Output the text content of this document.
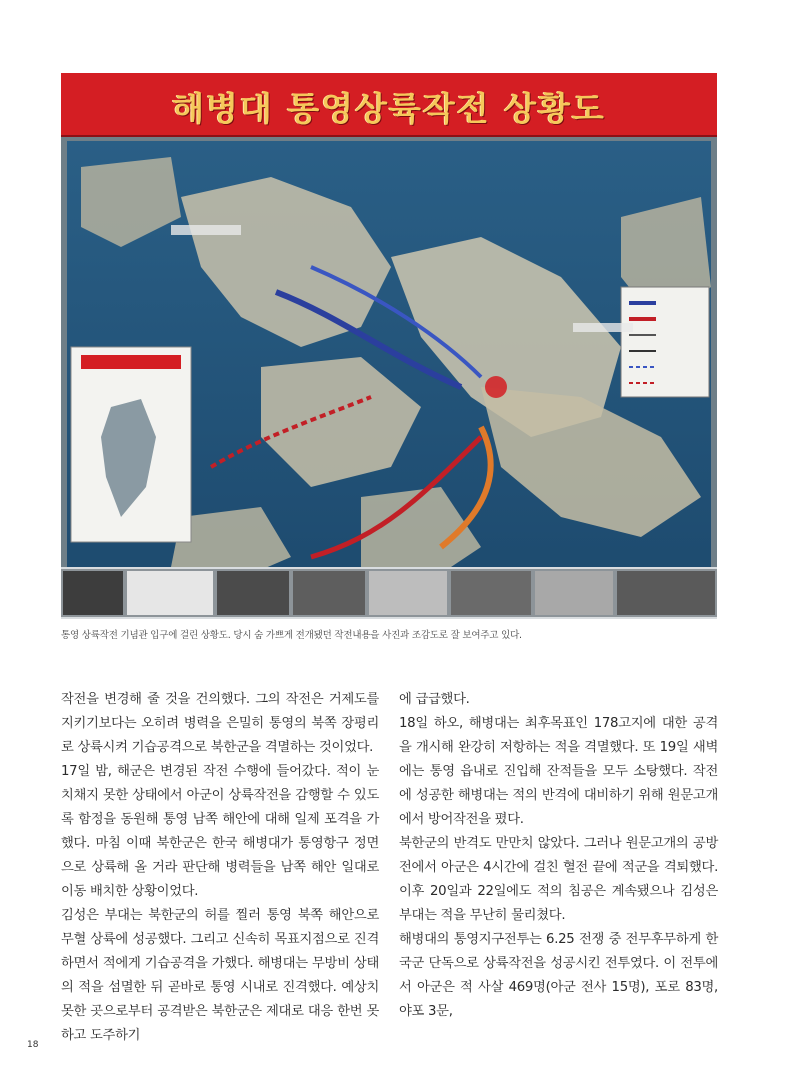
해병대 통영상륙작전 상황도
통영 상륙작전 기념관 입구에 걸린 상황도. 당시 숨 가쁘게 전개됐던 작전내용을 사진과 조감도로 잘 보여주고 있다.

작전을 변경해 줄 것을 건의했다. 그의 작전은 거제도를 지키기보다는 오히려 병력을 은밀히 통영의 북쪽 장평리로 상륙시켜 기습공격으로 북한군을 격멸하는 것이었다.

17일 밤, 해군은 변경된 작전 수행에 들어갔다. 적이 눈치채지 못한 상태에서 아군이 상륙작전을 감행할 수 있도록 함정을 동원해 통영 남쪽 해안에 대해 일제 포격을 가했다. 마침 이때 북한군은 한국 해병대가 통영항구 정면으로 상륙해 올 거라 판단해 병력들을 남쪽 해안 일대로 이동 배치한 상황이었다.

김성은 부대는 북한군의 허를 찔러 통영 북쪽 해안으로 무혈 상륙에 성공했다. 그리고 신속히 목표지점으로 진격하면서 적에게 기습공격을 가했다. 해병대는 무방비 상태의 적을 섬멸한 뒤 곧바로 통영 시내로 진격했다. 예상치 못한 곳으로부터 공격받은 북한군은 제대로 대응 한번 못하고 도주하기

에 급급했다.

18일 하오, 해병대는 최후목표인 178고지에 대한 공격을 개시해 완강히 저항하는 적을 격멸했다. 또 19일 새벽에는 통영 읍내로 진입해 잔적들을 모두 소탕했다. 작전에 성공한 해병대는 적의 반격에 대비하기 위해 원문고개에서 방어작전을 폈다.

북한군의 반격도 만만치 않았다. 그러나 원문고개의 공방전에서 아군은 4시간에 걸친 혈전 끝에 적군을 격퇴했다. 이후 20일과 22일에도 적의 침공은 계속됐으나 김성은 부대는 적을 무난히 물리쳤다.

해병대의 통영지구전투는 6.25 전쟁 중 전무후무하게 한국군 단독으로 상륙작전을 성공시킨 전투였다. 이 전투에서 아군은 적 사살 469명(아군 전사 15명), 포로 83명, 야포 3문,

18
